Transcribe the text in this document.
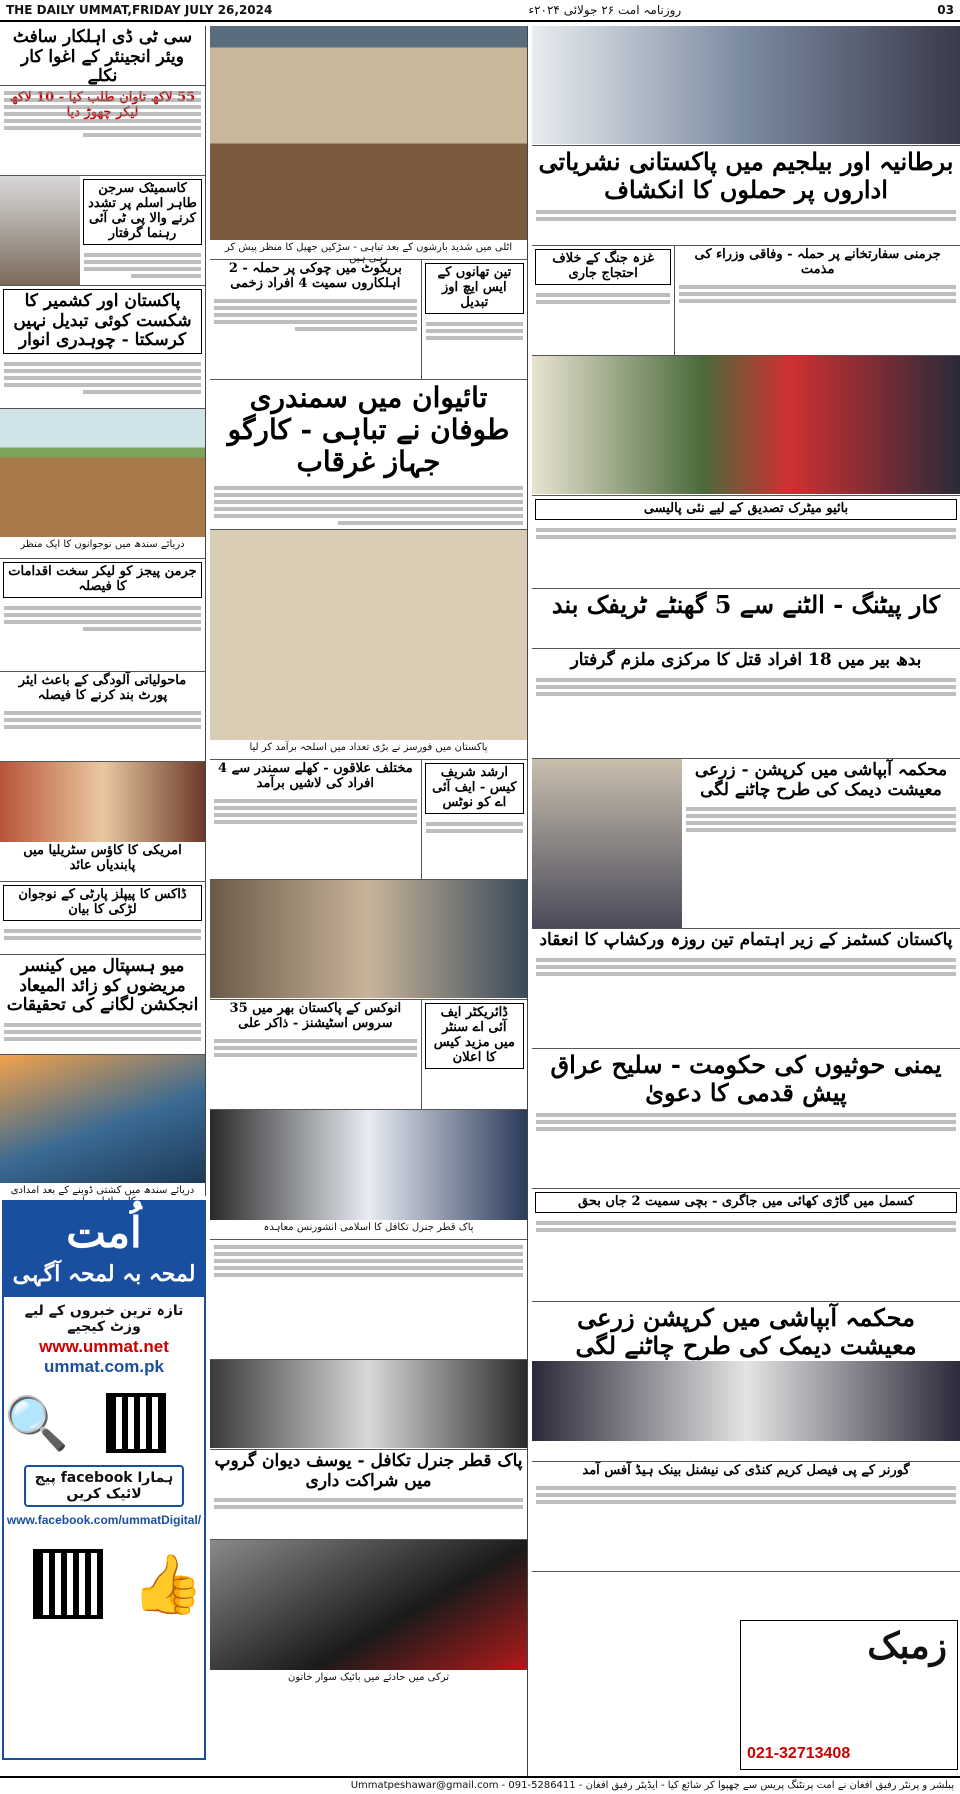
THE DAILY UMMAT,FRIDAY JULY 26,2024	روزنامہ امت ۲۶ جولائی ۲۰۲۴ء	03
سی ٹی ڈی اہلکار سافٹ ویئر انجینئر کے اغوا کار نکلے
کاسمیٹک سرجن طاہر اسلم پر تشدد کرنے والا پی ٹی آئی رہنما گرفتار
پاکستان اور کشمیر کا شکست کوئی تبدیل نہیں کرسکتا - چوہدری انوار
دریائے سندھ میں نوجوانوں کا ایک منظر
جرمن پیجز کو لیکر سخت اقدامات کا فیصلہ
ماحولیاتی آلودگی کے باعث ایئر پورٹ بند کرنے کا فیصلہ
امریکی کا کاؤس سٹریلیا میں پابندیاں عائد
ڈاکس کا پیپلز پارٹی کے نوجوان لڑکی کا بیان
میو ہسپتال میں کینسر مریضوں کو زائد المیعاد انجکشن لگانے کی تحقیقات
دریائے سندھ میں کشتی ڈوبنے کے بعد امدادی
اُمت
لمحہ بہ لمحہ آگہی
تازہ ترین خبروں کے لیے وزٹ کیجیے
www.ummat.net
ummat.com.pk
🔍
ہمارا facebook پیج لائیک کریں
www.facebook.com/ummatDigital/
👍
اٹلی میں شدید بارشوں کے بعد تباہی - سڑکیں جھیل کا منظر پیش کر رہی ہیں
بریکوٹ میں چوکی پر حملہ - 2 اہلکاروں سمیت 4 افراد زخمی
تین تھانوں کے ایس ایچ اوز تبدیل
تائیوان میں سمندری طوفان نے تباہی - کارگو جہاز غرقاب
پاکستان میں فورسز نے بڑی تعداد میں اسلحہ برآمد کر لیا
مختلف علاقوں - کھلے سمندر سے 4 افراد کی لاشیں برآمد
ارشد شریف کیس - ایف آئی اے کو نوٹس
انوکس کے پاکستان بھر میں 35 سروس اسٹیشنز - ذاکر علی
ڈائریکٹر ایف آئی اے سنٹر میں مزید کیس کا اعلان
پاک قطر جنرل تکافل کا اسلامی انشورنس معاہدہ
پاک قطر جنرل تکافل - یوسف دیوان گروپ میں شراکت داری
ترکی میں حادثے میں بائیک سوار خاتون
برطانیہ اور بیلجیم میں پاکستانی نشریاتی اداروں پر حملوں کا انکشاف
غزہ جنگ کے خلاف احتجاج جاری
جرمنی سفارتخانے پر حملہ - وفاقی وزراء کی مذمت
بائیو میٹرک تصدیق کے لیے نئی پالیسی
کار پیٹنگ - الٹنے سے 5 گھنٹے ٹریفک بند
بدھ بیر میں 18 افراد قتل کا مرکزی ملزم گرفتار
محکمہ آبپاشی میں کرپشن - زرعی معیشت دیمک کی طرح چاٹنے لگی
پاکستان کسٹمز کے زیر اہتمام تین روزہ ورکشاپ کا انعقاد
یمنی حوثیوں کی حکومت - سلیح عراق پیش قدمی کا دعویٰ
کسمل میں گاڑی کھائی میں جاگری - بچی سمیت 2 جاں بحق
محکمہ آبپاشی میں کرپشن زرعی معیشت دیمک کی طرح چاٹنے لگی
گورنر کے پی فیصل کریم کنڈی کی نیشنل بینک ہیڈ آفس آمد
زمبک
021-32713408
پبلشر و پرنٹر رفیق افغان نے امت پرنٹنگ پریس سے چھپوا کر شائع کیا - ایڈیٹر رفیق افغان - Ummatpeshawar@gmail.com - 091-5286411
